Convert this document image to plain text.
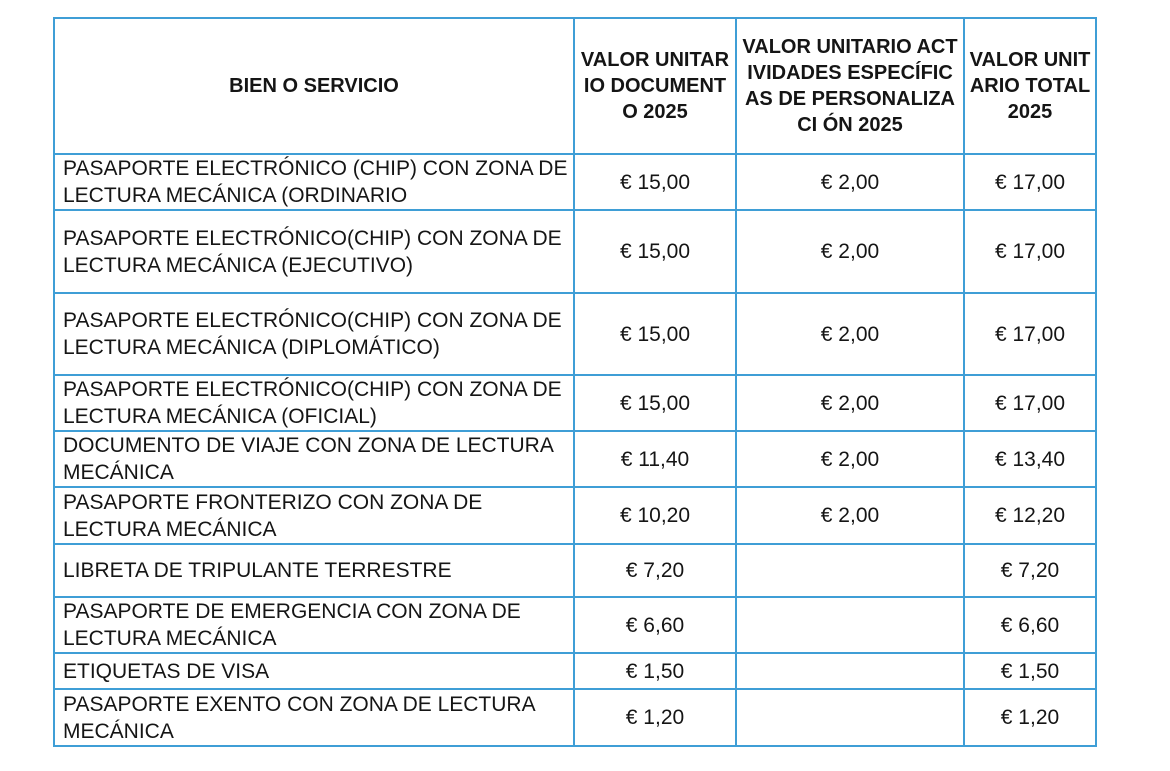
BIEN O SERVICIO	VALOR UNITARIO DOCUMENT O 2025	VALOR UNITARIO ACTIVIDADES ESPECÍFICAS DE PERSONALIZACI ÓN 2025	VALOR UNITARIO TOTAL 2025
PASAPORTE ELECTRÓNICO (CHIP) CON ZONA DE LECTURA MECÁNICA (ORDINARIO	€ 15,00	€ 2,00	€ 17,00
PASAPORTE ELECTRÓNICO(CHIP) CON ZONA DE LECTURA MECÁNICA (EJECUTIVO)	€ 15,00	€ 2,00	€ 17,00
PASAPORTE ELECTRÓNICO(CHIP) CON ZONA DE LECTURA MECÁNICA (DIPLOMÁTICO)	€ 15,00	€ 2,00	€ 17,00
PASAPORTE ELECTRÓNICO(CHIP) CON ZONA DE LECTURA MECÁNICA (OFICIAL)	€ 15,00	€ 2,00	€ 17,00
DOCUMENTO DE VIAJE CON ZONA DE LECTURA MECÁNICA	€ 11,40	€ 2,00	€ 13,40
PASAPORTE FRONTERIZO CON ZONA DE LECTURA MECÁNICA	€ 10,20	€ 2,00	€ 12,20
LIBRETA DE TRIPULANTE TERRESTRE	€ 7,20		€ 7,20
PASAPORTE DE EMERGENCIA CON ZONA DE LECTURA MECÁNICA	€ 6,60		€ 6,60
ETIQUETAS DE VISA	€ 1,50		€ 1,50
PASAPORTE EXENTO CON ZONA DE LECTURA MECÁNICA	€ 1,20		€ 1,20
